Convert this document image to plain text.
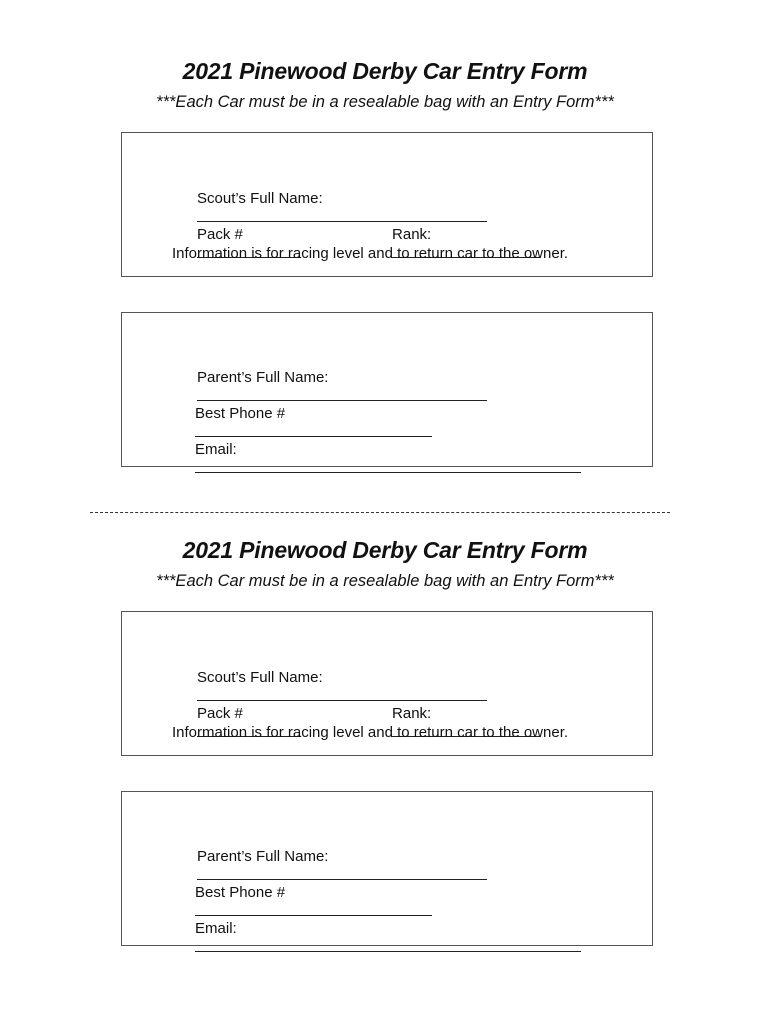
2021 Pinewood Derby Car Entry Form
***Each Car must be in a resealable bag with an Entry Form***

Scout’s Full Name:

Pack #

	Rank:

Information is for racing level and to return car to the owner.

Parent’s Full Name:

Best Phone #

Email:

2021 Pinewood Derby Car Entry Form
***Each Car must be in a resealable bag with an Entry Form***

Scout’s Full Name:

Pack #

	Rank:

Information is for racing level and to return car to the owner.

Parent’s Full Name:

Best Phone #

Email:
